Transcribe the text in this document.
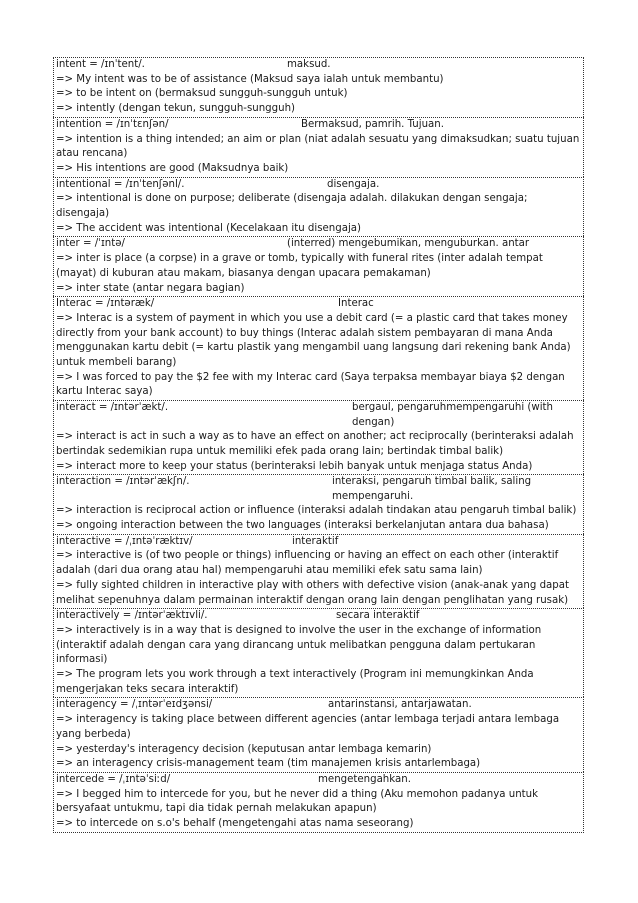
intent = /ɪnˈtent/.	maksud.
=> My intent was to be of assistance (Maksud saya ialah untuk membantu)
=> to be intent on (bermaksud sungguh-sungguh untuk)
=> intently (dengan tekun, sungguh-sungguh)
intention = /ɪnˈtɛnʃən/	Bermaksud, pamrih. Tujuan.
=> intention is a thing intended; an aim or plan (niat adalah sesuatu yang dimaksudkan; suatu tujuan atau rencana)
=> His intentions are good (Maksudnya baik)
intentional = /ɪnˈtenʃənl/.	disengaja.
=> intentional is done on purpose; deliberate (disengaja adalah. dilakukan dengan sengaja; disengaja)
=> The accident was intentional (Kecelakaan itu disengaja)
inter = /ˈɪntə/	(interred) mengebumikan, menguburkan. antar
=> inter is place (a corpse) in a grave or tomb, typically with funeral rites (inter adalah tempat (mayat) di kuburan atau makam, biasanya dengan upacara pemakaman)
=> inter state (antar negara bagian)
Interac = /ɪntəræk/	Interac
=> Interac is a system of payment in which you use a debit card (= a plastic card that takes money directly from your bank account) to buy things (Interac adalah sistem pembayaran di mana Anda menggunakan kartu debit (= kartu plastik yang mengambil uang langsung dari rekening bank Anda) untuk membeli barang)
=> I was forced to pay the $2 fee with my Interac card (Saya terpaksa membayar biaya $2 dengan kartu Interac saya)
interact = /ɪntərˈækt/.	bergaul, pengaruhmempengaruhi (with dengan)
=> interact is act in such a way as to have an effect on another; act reciprocally (berinteraksi adalah bertindak sedemikian rupa untuk memiliki efek pada orang lain; bertindak timbal balik)
=> interact more to keep your status (berinteraksi lebih banyak untuk menjaga status Anda)
interaction = /ɪntərˈækʃn/.	interaksi, pengaruh timbal balik, saling mempengaruhi.
=> interaction is reciprocal action or influence (interaksi adalah tindakan atau pengaruh timbal balik)
=> ongoing interaction between the two languages (interaksi berkelanjutan antara dua bahasa)
interactive = /ˌɪntəˈræktɪv/	interaktif
=> interactive is (of two people or things) influencing or having an effect on each other (interaktif adalah (dari dua orang atau hal) mempengaruhi atau memiliki efek satu sama lain)
=> fully sighted children in interactive play with others with defective vision (anak-anak yang dapat melihat sepenuhnya dalam permainan interaktif dengan orang lain dengan penglihatan yang rusak)
interactively = /ɪntərˈæktɪvli/.	secara interaktif
=> interactively is in a way that is designed to involve the user in the exchange of information (interaktif adalah dengan cara yang dirancang untuk melibatkan pengguna dalam pertukaran informasi)
=> The program lets you work through a text interactively (Program ini memungkinkan Anda mengerjakan teks secara interaktif)
interagency = /ˌɪntərˈeɪdʒənsi/	antarinstansi, antarjawatan.
=> interagency is taking place between different agencies (antar lembaga terjadi antara lembaga yang berbeda)
=> yesterday's interagency decision (keputusan antar lembaga kemarin)
=> an interagency crisis-management team (tim manajemen krisis antarlembaga)
intercede = /ˌɪntəˈsiːd/	mengetengahkan.
=> I begged him to intercede for you, but he never did a thing (Aku memohon padanya untuk bersyafaat untukmu, tapi dia tidak pernah melakukan apapun)
=> to intercede on s.o's behalf (mengetengahi atas nama seseorang)
